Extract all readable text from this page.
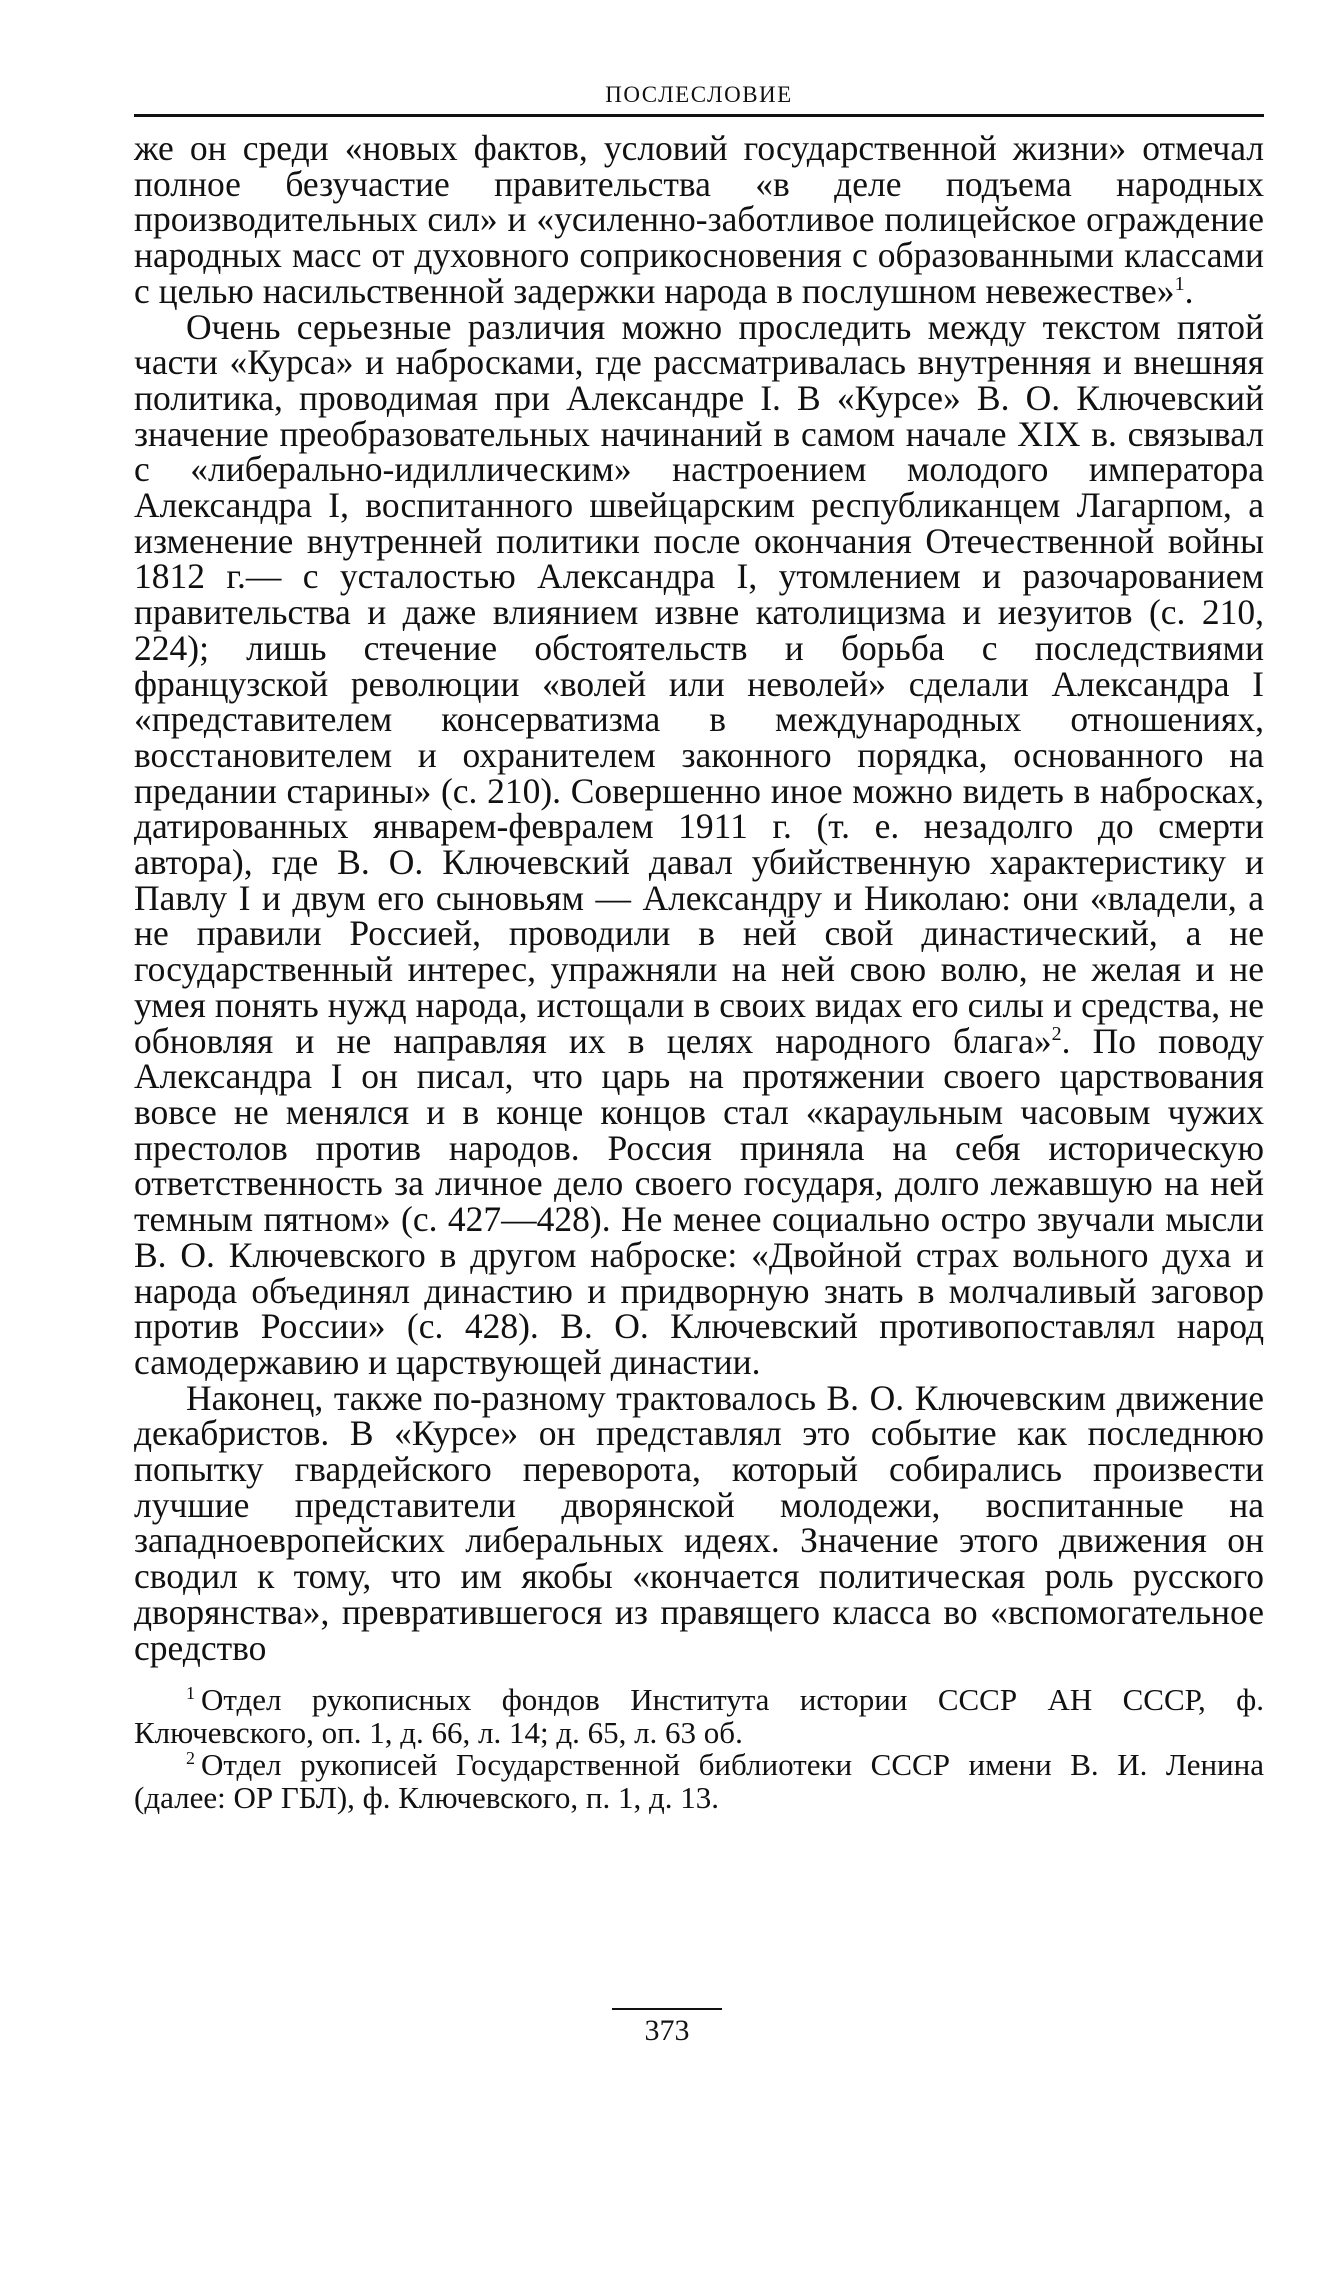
ПОСЛЕСЛОВИЕ

же он среди «новых фактов, условий государственной жизни» отмечал полное безучастие правительства «в деле подъема народных производительных сил» и «усиленно-заботливое полицейское ограждение народных масс от духовного соприкосновения с образованными классами с целью насильственной задержки народа в послушном невежестве»$^1$.

Очень серьезные различия можно проследить между текстом пятой части «Курса» и набросками, где рассматривалась внутренняя и внешняя политика, проводимая при Александре I. В «Курсе» В. О. Ключевский значение преобразовательных начинаний в самом начале XIX в. связывал с «либерально-идиллическим» настроением молодого императора Александра I, воспитанного швейцарским республиканцем Лагарпом, а изменение внутренней политики после окончания Отечественной войны 1812 г.— с усталостью Александра I, утомлением и разочарованием правительства и даже влиянием извне католицизма и иезуитов (с. 210, 224); лишь стечение обстоятельств и борьба с последствиями французской революции «волей или неволей» сделали Александра I «представителем консерватизма в международных отношениях, восстановителем и охранителем законного порядка, основанного на предании старины» (с. 210). Совершенно иное можно видеть в набросках, датированных январем-февралем 1911 г. (т. е. незадолго до смерти автора), где В. О. Ключевский давал убийственную характеристику и Павлу I и двум его сыновьям — Александру и Николаю: они «владели, а не правили Россией, проводили в ней свой династический, а не государственный интерес, упражняли на ней свою волю, не желая и не умея понять нужд народа, истощали в своих видах его силы и средства, не обновляя и не направляя их в целях народного блага»$^2$. По поводу Александра I он писал, что царь на протяжении своего царствования вовсе не менялся и в конце концов стал «караульным часовым чужих престолов против народов. Россия приняла на себя историческую ответственность за личное дело своего государя, долго лежавшую на ней темным пятном» (с. 427—428). Не менее социально остро звучали мысли В. О. Ключевского в другом наброске: «Двойной страх вольного духа и народа объединял династию и придворную знать в молчаливый заговор против России» (с. 428). В. О. Ключевский противопоставлял народ самодержавию и царствующей династии.

Наконец, также по-разному трактовалось В. О. Ключевским движение декабристов. В «Курсе» он представлял это событие как последнюю попытку гвардейского переворота, который собирались произвести лучшие представители дворянской молодежи, воспитанные на западноевропейских либеральных идеях. Значение этого движения он сводил к тому, что им якобы «кончается политическая роль русского дворянства», превратившегося из правящего класса во «вспомогательное средство

$^1$ Отдел рукописных фондов Института истории СССР АН СССР, ф. Ключевского, оп. 1, д. 66, л. 14; д. 65, л. 63 об.

$^2$ Отдел рукописей Государственной библиотеки СССР имени В. И. Ленина (далее: ОР ГБЛ), ф. Ключевского, п. 1, д. 13.

373
